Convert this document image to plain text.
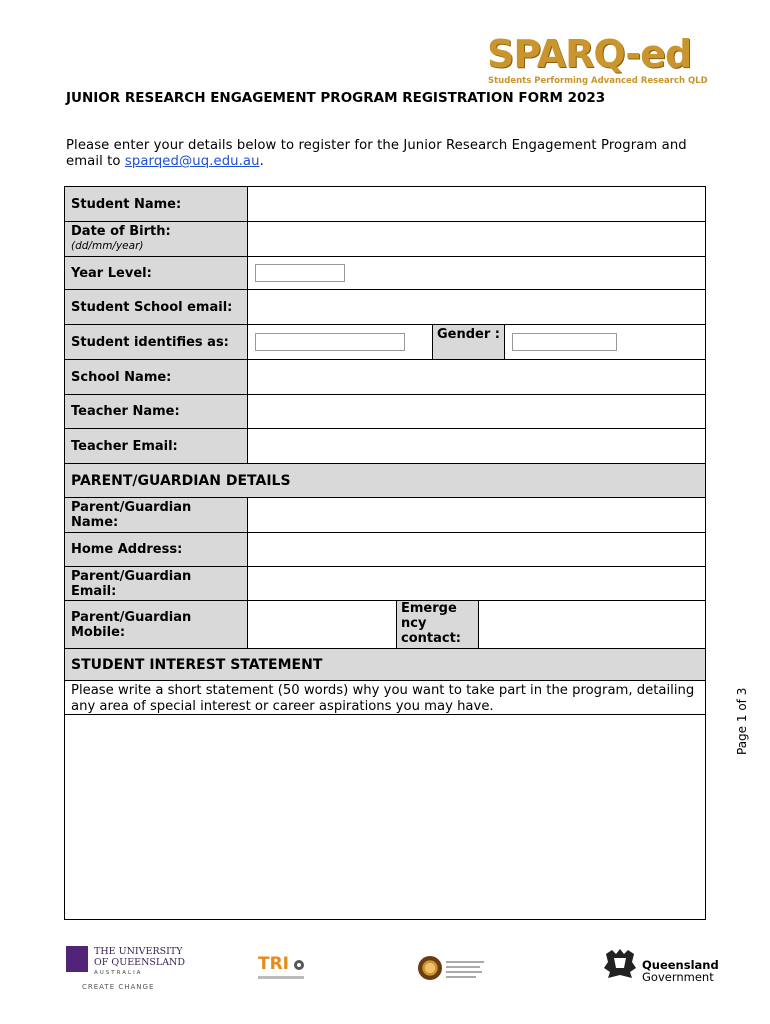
SPARQ-ed
Students Performing Advanced Research QLD
JUNIOR RESEARCH ENGAGEMENT PROGRAM REGISTRATION FORM 2023
Please enter your details below to register for the Junior Research Engagement Program and email to sparqed@uq.edu.au.
Student Name:
Date of Birth:
(dd/mm/year)
Year Level:
Student School email:
Student identifies as:	Gender :
School Name:
Teacher Name:
Teacher Email:
PARENT/GUARDIAN DETAILS
Parent/Guardian Name:
Home Address:
Parent/Guardian Email:
Parent/Guardian Mobile:
Emerge ncy contact:
STUDENT INTEREST STATEMENT
Please write a short statement (50 words) why you want to take part in the program, detailing any area of special interest or career aspirations you may have.	Page 1 of 3
THE UNIVERSITY
OF QUEENSLAND
AUSTRALIA
CREATE CHANGE
TRI	Queensland
Government
